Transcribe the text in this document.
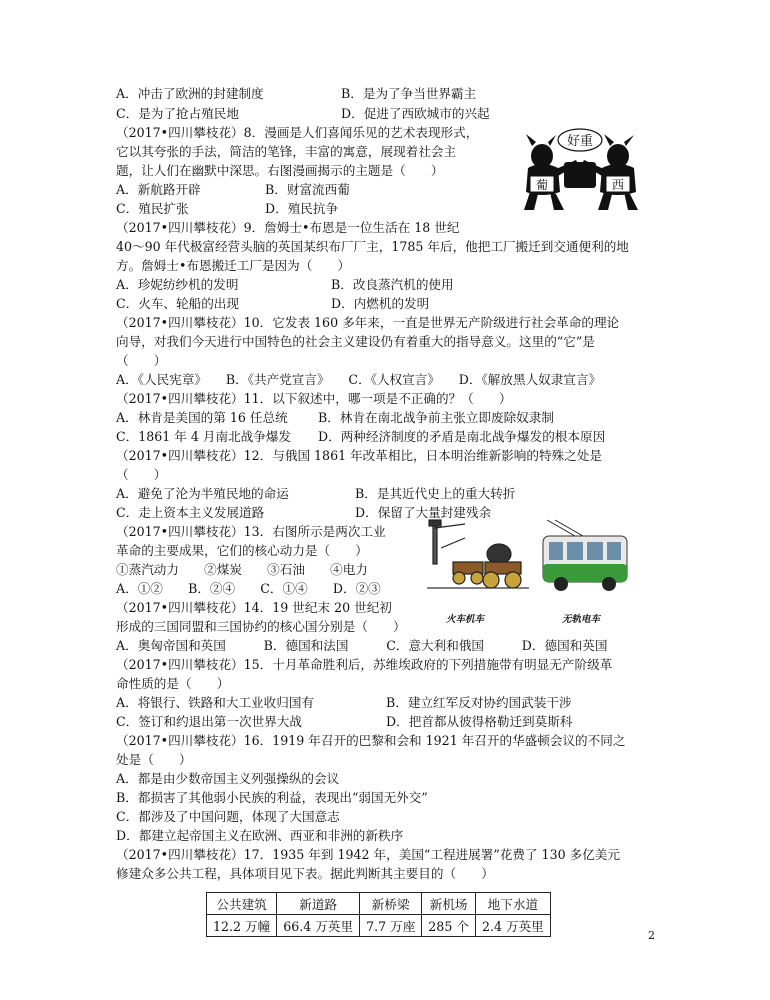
A．冲击了欧洲的封建制度	B．是为了争当世界霸主
C．是为了抢占殖民地	D．促进了西欧城市的兴起
（2017•四川攀枝花）8．漫画是人们喜闻乐见的艺术表现形式，
它以其夸张的手法，简洁的笔锋，丰富的寓意，展现着社会主
题，让人们在幽默中深思。右图漫画揭示的主题是（　　）
A．新航路开辟	B．财富流西葡
C．殖民扩张	D．殖民抗争
好重
葡	西
（2017•四川攀枝花）9．詹姆士•布恩是一位生活在 18 世纪
40～90 年代极富经营头脑的英国某织布厂厂主，1785 年后，他把工厂搬迁到交通便利的地
方。詹姆士•布恩搬迁工厂是因为（　　）
A．珍妮纺纱机的发明	B．改良蒸汽机的使用
C．火车、轮船的出现	D．内燃机的发明
（2017•四川攀枝花）10．它发表 160 多年来，一直是世界无产阶级进行社会革命的理论
向导，对我们今天进行中国特色的社会主义建设仍有着重大的指导意义。这里的“它”是
（　　）
A．《人民宪章》　　B．《共产党宣言》　　C．《人权宣言》　　D．《解放黑人奴隶宣言》
（2017•四川攀枝花）11．以下叙述中，哪一项是不正确的？（　　）
A．林肯是美国的第 16 任总统 B．林肯在南北战争前主张立即废除奴隶制
C．1861 年 4 月南北战争爆发 D．两种经济制度的矛盾是南北战争爆发的根本原因
（2017•四川攀枝花）12．与俄国 1861 年改革相比，日本明治维新影响的特殊之处是
（　　）
A．避免了沦为半殖民地的命运	B．是其近代史上的重大转折
C．走上资本主义发展道路	D．保留了大量封建残余
（2017•四川攀枝花）13．右图所示是两次工业
革命的主要成果，它们的核心动力是（　　）
①蒸汽动力　　②煤炭　　③石油　　④电力
A．①②　　B．②④　　C．①④　　D．②③
火车机车	无轨电车
（2017•四川攀枝花）14．19 世纪末 20 世纪初
形成的三国同盟和三国协约的核心国分别是（　　）
A．奥匈帝国和英国　　　B．德国和法国　　　C．意大利和俄国　　　D．德国和英国
（2017•四川攀枝花）15．十月革命胜利后，苏维埃政府的下列措施带有明显无产阶级革
命性质的是（　　）
A．将银行、铁路和大工业收归国有	B．建立红军反对协约国武装干涉
C．签订和约退出第一次世界大战	D．把首都从彼得格勒迁到莫斯科
（2017•四川攀枝花）16．1919 年召开的巴黎和会和 1921 年召开的华盛顿会议的不同之
处是（　　）
A．都是由少数帝国主义列强操纵的会议
B．都损害了其他弱小民族的利益，表现出“弱国无外交”
C．都涉及了中国问题，体现了大国意志
D．都建立起帝国主义在欧洲、西亚和非洲的新秩序
（2017•四川攀枝花）17．1935 年到 1942 年，美国“工程进展署”花费了 130 多亿美元
修建众多公共工程，具体项目见下表。据此判断其主要目的（　　）
公共建筑	新道路	新桥梁	新机场	地下水道
12.2 万幢	66.4 万英里	7.7 万座	285 个	2.4 万英里
2
